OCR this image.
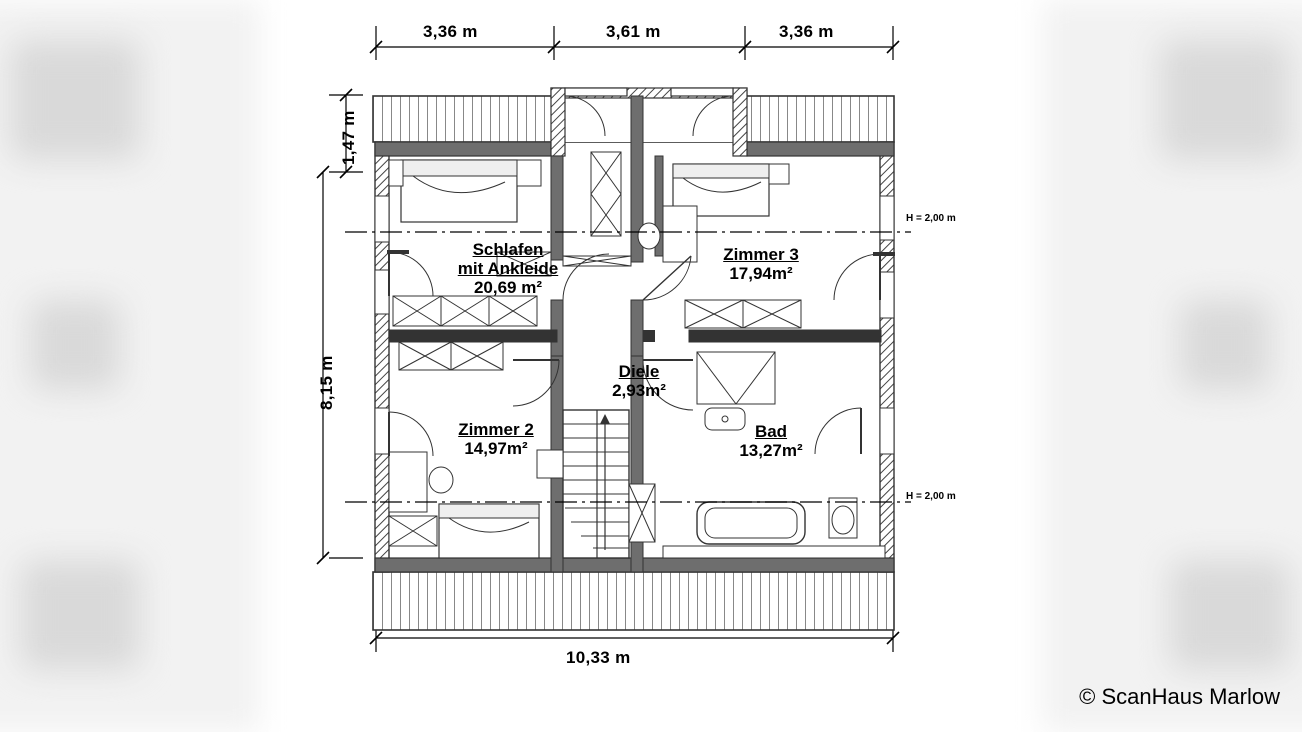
3,36 m	3,61 m	3,36 m
1,47 m
8,15 m
10,33 m
H = 2,00 m
H = 2,00 m
Schlafen
mit Ankleide
20,69 m²
Zimmer 3
17,94m²
Diele
2,93m²
Zimmer 2
14,97m²
Bad
13,27m²
© ScanHaus Marlow
